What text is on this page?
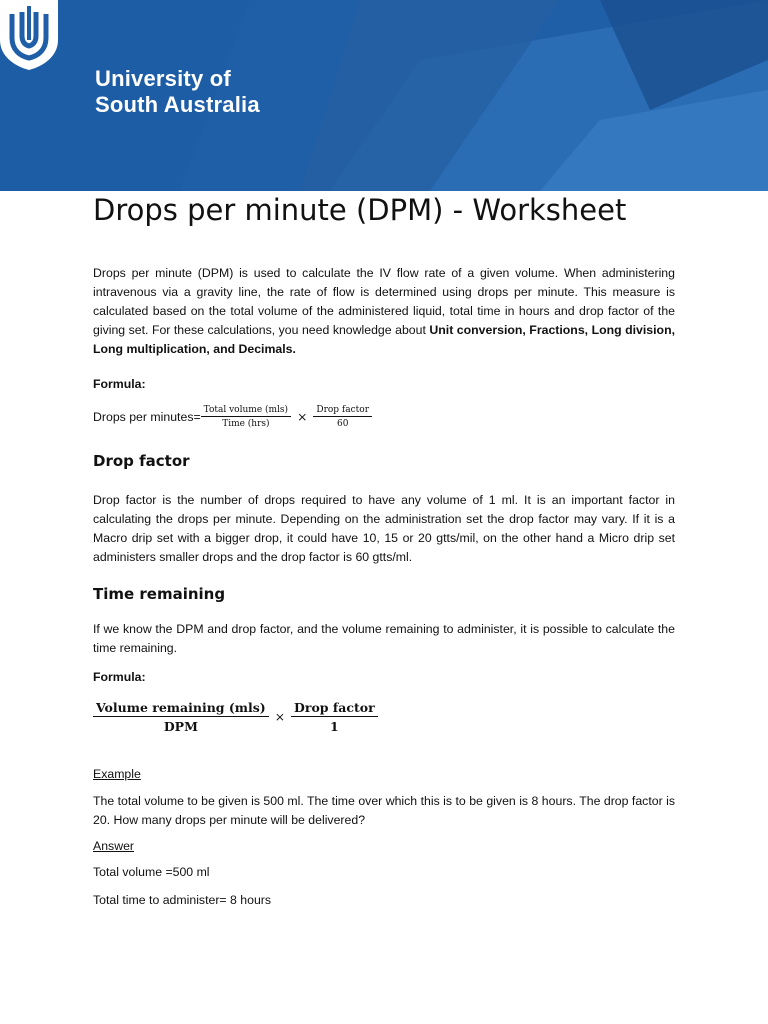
University of
South Australia
Drops per minute (DPM) - Worksheet

Drops per minute (DPM) is used to calculate the IV flow rate of a given volume. When administering intravenous via a gravity line, the rate of flow is determined using drops per minute. This measure is calculated based on the total volume of the administered liquid, total time in hours and drop factor of the giving set. For these calculations, you need knowledge about Unit conversion, Fractions, Long division, Long multiplication, and Decimals.

Formula:
Drops per minutes= $\frac{\text{Total volume (mls)}}{\text{Time (hrs)}} \times \frac{\text{Drop factor}}{60}$
Drop factor

Drop factor is the number of drops required to have any volume of 1 ml. It is an important factor in calculating the drops per minute. Depending on the administration set the drop factor may vary. If it is a Macro drip set with a bigger drop, it could have 10, 15 or 20 gtts/mil, on the other hand a Micro drip set administers smaller drops and the drop factor is 60 gtts/ml.

Time remaining

If we know the DPM and drop factor, and the volume remaining to administer, it is possible to calculate the time remaining.

Formula:
$\frac{\text{Volume remaining (mls)}}{\text{DPM}} \times \frac{\text{Drop factor}}{1}$
Example

The total volume to be given is 500 ml. The time over which this is to be given is 8 hours. The drop factor is 20. How many drops per minute will be delivered?

Answer
Total volume =500 ml
Total time to administer= 8 hours
